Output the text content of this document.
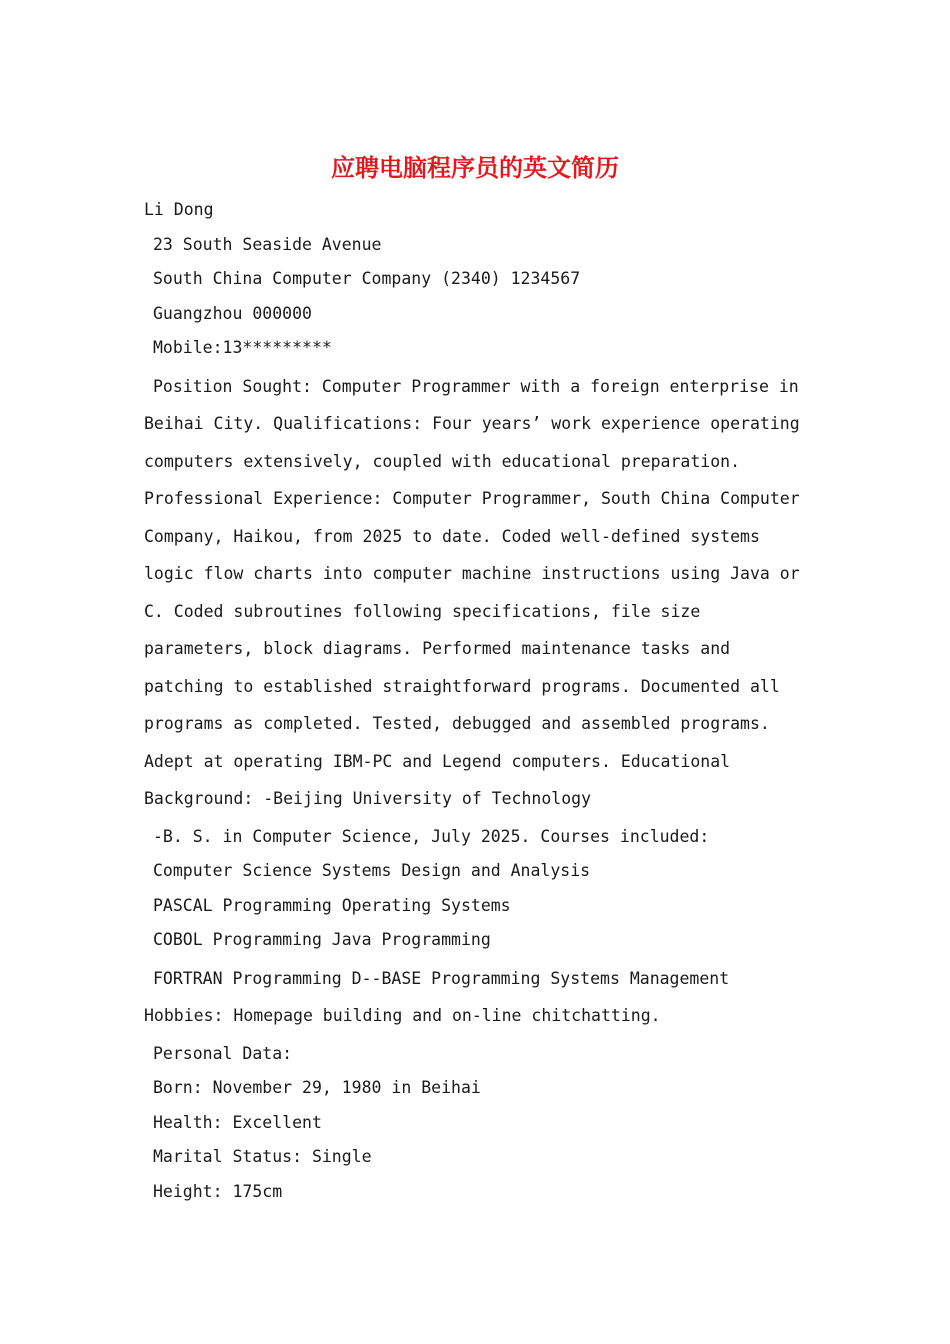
应聘电脑程序员的英文简历

Li Dong

23 South Seaside Avenue

South China Computer Company (2340) 1234567

Guangzhou 000000

Mobile:13*********

Position Sought: Computer Programmer with a foreign enterprise in Beihai City. Qualifications: Four years’ work experience operating computers extensively, coupled with educational preparation. Professional Experience: Computer Programmer, South China Computer Company, Haikou, from 2025 to date. Coded well-defined systems logic flow charts into computer machine instructions using Java or C. Coded subroutines following specifications, file size parameters, block diagrams. Performed maintenance tasks and patching to established straightforward programs. Documented all programs as completed. Tested, debugged and assembled programs. Adept at operating IBM-PC and Legend computers. Educational Background: -Beijing University of Technology

-B. S. in Computer Science, July 2025. Courses included:

Computer Science Systems Design and Analysis

PASCAL Programming Operating Systems

COBOL Programming Java Programming

FORTRAN Programming D--BASE Programming Systems Management Hobbies: Homepage building and on-line chitchatting.

Personal Data:

Born: November 29, 1980 in Beihai

Health: Excellent

Marital Status: Single

Height: 175cm
